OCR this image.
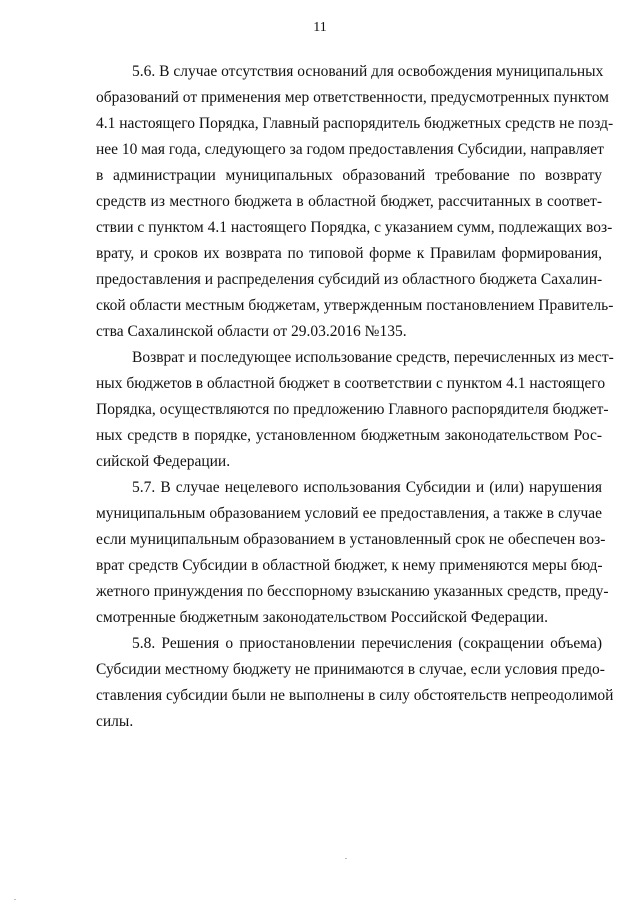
11
5.6. В случае отсутствия оснований для освобождения муниципальных
образований от применения мер ответственности, предусмотренных пунктом
4.1 настоящего Порядка, Главный распорядитель бюджетных средств не позд-
нее 10 мая года, следующего за годом предоставления Субсидии, направляет
в администрации муниципальных образований требование по возврату
средств из местного бюджета в областной бюджет, рассчитанных в соответ-
ствии с пунктом 4.1 настоящего Порядка, с указанием сумм, подлежащих воз-
врату, и сроков их возврата по типовой форме к Правилам формирования,
предоставления и распределения субсидий из областного бюджета Сахалин-
ской области местным бюджетам, утвержденным постановлением Правитель-
ства Сахалинской области от 29.03.2016 №135.
Возврат и последующее использование средств, перечисленных из мест-
ных бюджетов в областной бюджет в соответствии с пунктом 4.1 настоящего
Порядка, осуществляются по предложению Главного распорядителя бюджет-
ных средств в порядке, установленном бюджетным законодательством Рос-
сийской Федерации.
5.7. В случае нецелевого использования Субсидии и (или) нарушения
муниципальным образованием условий ее предоставления, а также в случае
если муниципальным образованием в установленный срок не обеспечен воз-
врат средств Субсидии в областной бюджет, к нему применяются меры бюд-
жетного принуждения по бесспорному взысканию указанных средств, преду-
смотренные бюджетным законодательством Российской Федерации.
5.8. Решения о приостановлении перечисления (сокращении объема)
Субсидии местному бюджету не принимаются в случае, если условия предо-
ставления субсидии были не выполнены в силу обстоятельств непреодолимой
силы.
